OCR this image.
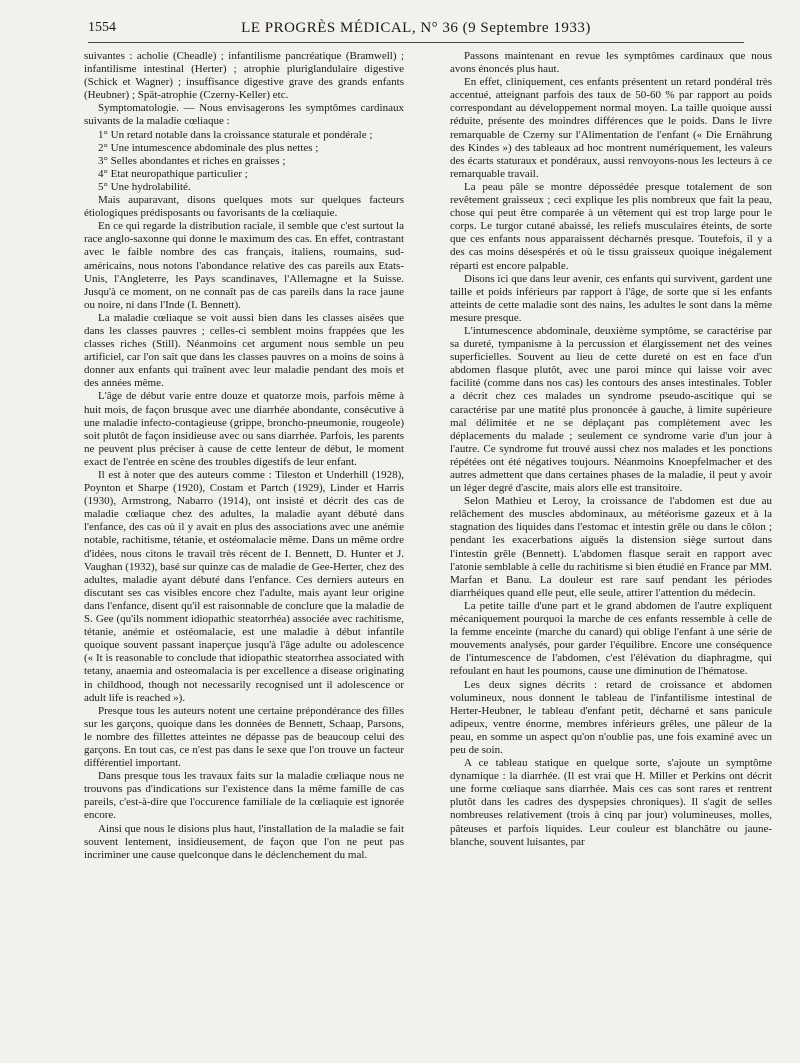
1554	LE PROGRÈS MÉDICAL, N° 36 (9 Septembre 1933)

suivantes : acholie (Cheadle) ; infantilisme pancréatique (Bramwell) ; infantilisme intestinal (Herter) ; atrophie pluriglandulaire digestive (Schick et Wagner) ; insuffisance digestive grave des grands enfants (Heubner) ; Spät-atrophie (Czerny-Keller) etc.

Symptomatologie. — Nous envisagerons les symptômes cardinaux suivants de la maladie cœliaque :

1° Un retard notable dans la croissance staturale et pondérale ;

2° Une intumescence abdominale des plus nettes ;

3° Selles abondantes et riches en graisses ;

4° Etat neuropathique particulier ;

5° Une hydrolabilité.

Mais auparavant, disons quelques mots sur quelques facteurs étiologiques prédisposants ou favorisants de la cœliaquie.

En ce qui regarde la distribution raciale, il semble que c'est surtout la race anglo-saxonne qui donne le maximum des cas. En effet, contrastant avec le faible nombre des cas français, italiens, roumains, sud-américains, nous notons l'abondance relative des cas pareils aux Etats-Unis, l'Angleterre, les Pays scandinaves, l'Allemagne et la Suisse. Jusqu'à ce moment, on ne connaît pas de cas pareils dans la race jaune ou noire, ni dans l'Inde (I. Bennett).

La maladie cœliaque se voit aussi bien dans les classes aisées que dans les classes pauvres ; celles-ci semblent moins frappées que les classes riches (Still). Néanmoins cet argument nous semble un peu artificiel, car l'on sait que dans les classes pauvres on a moins de soins à donner aux enfants qui traînent avec leur maladie pendant des mois et des années même.

L'âge de début varie entre douze et quatorze mois, parfois même à huit mois, de façon brusque avec une diarrhée abondante, consécutive à une maladie infecto-contagieuse (grippe, broncho-pneumonie, rougeole) soit plutôt de façon insidieuse avec ou sans diarrhée. Parfois, les parents ne peuvent plus préciser à cause de cette lenteur de début, le moment exact de l'entrée en scène des troubles digestifs de leur enfant.

Il est à noter que des auteurs comme : Tileston et Underhill (1928), Poynton et Sharpe (1920), Costam et Partch (1929), Linder et Harris (1930), Armstrong, Nabarro (1914), ont insisté et décrit des cas de maladie cœliaque chez des adultes, la maladie ayant débuté dans l'enfance, des cas où il y avait en plus des associations avec une anémie notable, rachitisme, tétanie, et ostéomalacie même. Dans un même ordre d'idées, nous citons le travail très récent de I. Bennett, D. Hunter et J. Vaughan (1932), basé sur quinze cas de maladie de Gee-Herter, chez des adultes, maladie ayant débuté dans l'enfance. Ces derniers auteurs en discutant ses cas visibles encore chez l'adulte, mais ayant leur origine dans l'enfance, disent qu'il est raisonnable de conclure que la maladie de S. Gee (qu'ils nomment idiopathic steatorrhéa) associée avec rachitisme, tétanie, anémie et ostéomalacie, est une maladie à début infantile quoique souvent passant inaperçue jusqu'à l'âge adulte ou adolescence (« It is reasonable to conclude that idiopathic steatorrhea associated with tetany, anaemia and osteomalacia is per excellence a disease originating in childhood, though not necessarily recognised unt il adolescence or adult life is reached »).

Presque tous les auteurs notent une certaine prépondérance des filles sur les garçons, quoique dans les données de Bennett, Schaap, Parsons, le nombre des fillettes atteintes ne dépasse pas de beaucoup celui des garçons. En tout cas, ce n'est pas dans le sexe que l'on trouve un facteur différentiel important.

Dans presque tous les travaux faits sur la maladie cœliaque nous ne trouvons pas d'indications sur l'existence dans la même famille de cas pareils, c'est-à-dire que l'occurence familiale de la cœliaquie est ignorée encore.

Ainsi que nous le disions plus haut, l'installation de la maladie se fait souvent lentement, insidieusement, de façon que l'on ne peut pas incriminer une cause quelconque dans le déclenchement du mal.

Passons maintenant en revue les symptômes cardinaux que nous avons énoncés plus haut.

En effet, cliniquement, ces enfants présentent un retard pondéral très accentué, atteignant parfois des taux de 50-60 % par rapport au poids correspondant au développement normal moyen. La taille quoique aussi réduite, présente des moindres différences que le poids. Dans le livre remarquable de Czerny sur l'Alimentation de l'enfant (« Die Ernährung des Kindes ») des tableaux ad hoc montrent numériquement, les valeurs des écarts staturaux et pondéraux, aussi renvoyons-nous les lecteurs à ce remarquable travail.

La peau pâle se montre dépossédée presque totalement de son revêtement graisseux ; ceci explique les plis nombreux que fait la peau, chose qui peut être comparée à un vêtement qui est trop large pour le corps. Le turgor cutané abaissé, les reliefs musculaires éteints, de sorte que ces enfants nous apparaissent décharnés presque. Toutefois, il y a des cas moins désespérés et où le tissu graisseux quoique inégalement réparti est encore palpable.

Disons ici que dans leur avenir, ces enfants qui survivent, gardent une taille et poids inférieurs par rapport à l'âge, de sorte que si les enfants atteints de cette maladie sont des nains, les adultes le sont dans la même mesure presque.

L'intumescence abdominale, deuxième symptôme, se caractérise par sa dureté, tympanisme à la percussion et élargissement net des veines superficielles. Souvent au lieu de cette dureté on est en face d'un abdomen flasque plutôt, avec une paroi mince qui laisse voir avec facilité (comme dans nos cas) les contours des anses intestinales. Tobler a décrit chez ces malades un syndrome pseudo-ascitique qui se caractérise par une matité plus prononcée à gauche, à limite supérieure mal délimitée et ne se déplaçant pas complètement avec les déplacements du malade ; seulement ce syndrome varie d'un jour à l'autre. Ce syndrome fut trouvé aussi chez nos malades et les ponctions répétées ont été négatives toujours. Néanmoins Knoepfelmacher et des autres admettent que dans certaines phases de la maladie, il peut y avoir un léger degré d'ascite, mais alors elle est transitoire.

Selon Mathieu et Leroy, la croissance de l'abdomen est due au relâchement des muscles abdominaux, au météorisme gazeux et à la stagnation des liquides dans l'estomac et intestin grêle ou dans le côlon ; pendant les exacerbations aiguës la distension siège surtout dans l'intestin grêle (Bennett). L'abdomen flasque serait en rapport avec l'atonie semblable à celle du rachitisme si bien étudié en France par MM. Marfan et Banu. La douleur est rare sauf pendant les périodes diarrhéiques quand elle peut, elle seule, attirer l'attention du médecin.

La petite taille d'une part et le grand abdomen de l'autre expliquent mécaniquement pourquoi la marche de ces enfants ressemble à celle de la femme enceinte (marche du canard) qui oblige l'enfant à une série de mouvements analysés, pour garder l'équilibre. Encore une conséquence de l'intumescence de l'abdomen, c'est l'élévation du diaphragme, qui refoulant en haut les poumons, cause une diminution de l'hématose.

Les deux signes décrits : retard de croissance et abdomen volumineux, nous donnent le tableau de l'infantilisme intestinal de Herter-Heubner, le tableau d'enfant petit, décharné et sans panicule adipeux, ventre énorme, membres inférieurs grêles, une pâleur de la peau, en somme un aspect qu'on n'oublie pas, une fois examiné avec un peu de soin.

A ce tableau statique en quelque sorte, s'ajoute un symptôme dynamique : la diarrhée. (Il est vrai que H. Miller et Perkins ont décrit une forme cœliaque sans diarrhée. Mais ces cas sont rares et rentrent plutôt dans les cadres des dyspepsies chroniques). Il s'agit de selles nombreuses relativement (trois à cinq par jour) volumineuses, molles, pâteuses et parfois liquides. Leur couleur est blanchâtre ou jaune-blanche, souvent luisantes, par
